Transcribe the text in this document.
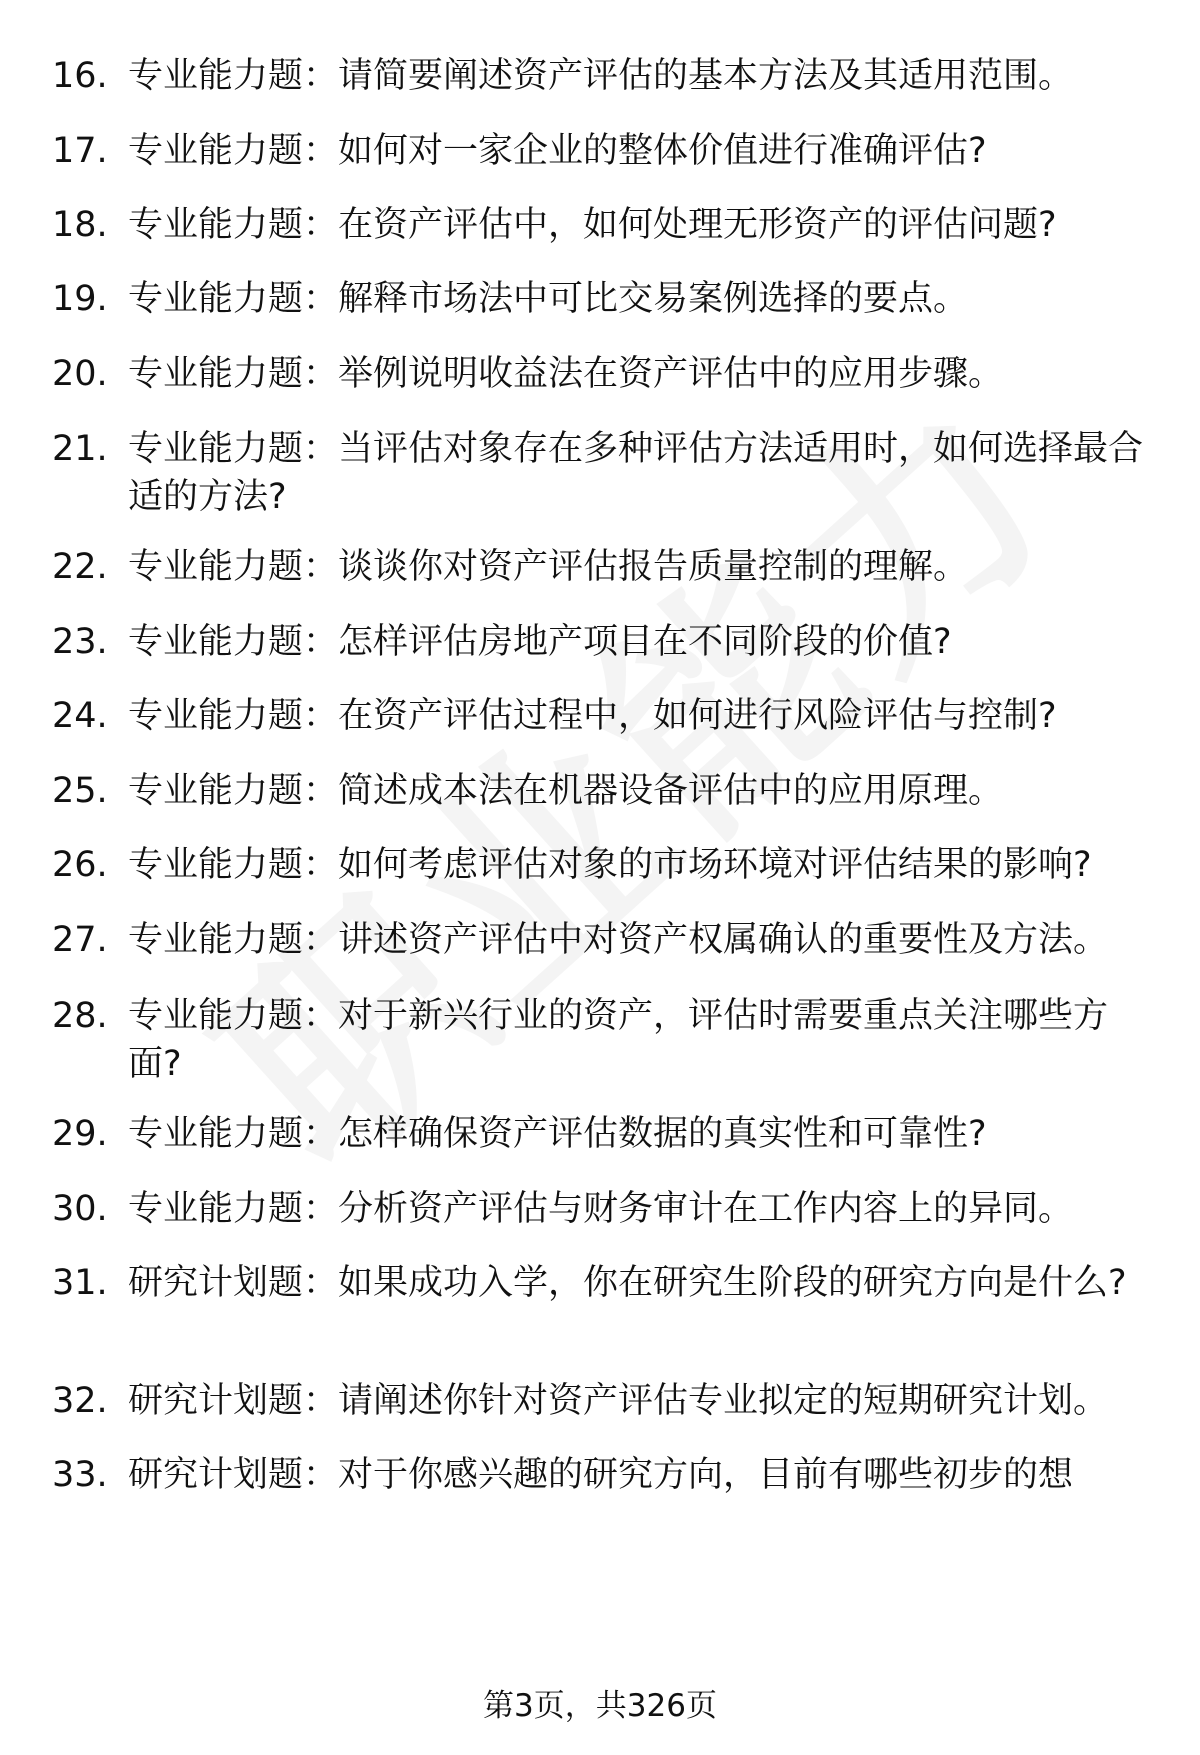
16. 专业能力题：请简要阐述资产评估的基本方法及其适用范围。
17. 专业能力题：如何对一家企业的整体价值进行准确评估?
18. 专业能力题：在资产评估中，如何处理无形资产的评估问题?
19. 专业能力题：解释市场法中可比交易案例选择的要点。
20. 专业能力题：举例说明收益法在资产评估中的应用步骤。
21. 专业能力题：当评估对象存在多种评估方法适用时，如何选择最合适的方法?
22. 专业能力题：谈谈你对资产评估报告质量控制的理解。
23. 专业能力题：怎样评估房地产项目在不同阶段的价值?
24. 专业能力题：在资产评估过程中，如何进行风险评估与控制?
25. 专业能力题：简述成本法在机器设备评估中的应用原理。
26. 专业能力题：如何考虑评估对象的市场环境对评估结果的影响?
27. 专业能力题：讲述资产评估中对资产权属确认的重要性及方法。
28. 专业能力题：对于新兴行业的资产，评估时需要重点关注哪些方面?
29. 专业能力题：怎样确保资产评估数据的真实性和可靠性?
30. 专业能力题：分析资产评估与财务审计在工作内容上的异同。
31. 研究计划题：如果成功入学，你在研究生阶段的研究方向是什么?
32. 研究计划题：请阐述你针对资产评估专业拟定的短期研究计划。
33. 研究计划题：对于你感兴趣的研究方向，目前有哪些初步的想
第3页，共326页
